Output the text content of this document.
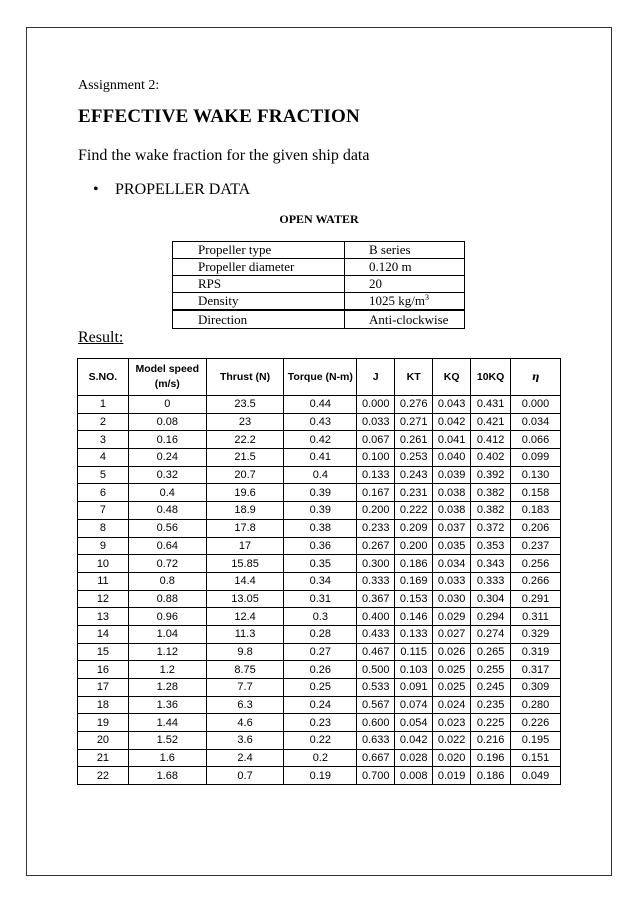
Assignment 2:
EFFECTIVE WAKE FRACTION
Find the wake fraction for the given ship data
• PROPELLER DATA
OPEN WATER
Propeller type	B series
Propeller diameter	0.120 m
RPS	20
Density	1025 $kg/m^3$
Direction	Anti-clockwise
Result:
S.NO.	Model speed (m/s)	Thrust (N)	Torque (N-m)	J	KT	KQ	10KQ	η
1	0	23.5	0.44	0.000	0.276	0.043	0.431	0.000
2	0.08	23	0.43	0.033	0.271	0.042	0.421	0.034
3	0.16	22.2	0.42	0.067	0.261	0.041	0.412	0.066
4	0.24	21.5	0.41	0.100	0.253	0.040	0.402	0.099
5	0.32	20.7	0.4	0.133	0.243	0.039	0.392	0.130
6	0.4	19.6	0.39	0.167	0.231	0.038	0.382	0.158
7	0.48	18.9	0.39	0.200	0.222	0.038	0.382	0.183
8	0.56	17.8	0.38	0.233	0.209	0.037	0.372	0.206
9	0.64	17	0.36	0.267	0.200	0.035	0.353	0.237
10	0.72	15.85	0.35	0.300	0.186	0.034	0.343	0.256
11	0.8	14.4	0.34	0.333	0.169	0.033	0.333	0.266
12	0.88	13.05	0.31	0.367	0.153	0.030	0.304	0.291
13	0.96	12.4	0.3	0.400	0.146	0.029	0.294	0.311
14	1.04	11.3	0.28	0.433	0.133	0.027	0.274	0.329
15	1.12	9.8	0.27	0.467	0.115	0.026	0.265	0.319
16	1.2	8.75	0.26	0.500	0.103	0.025	0.255	0.317
17	1.28	7.7	0.25	0.533	0.091	0.025	0.245	0.309
18	1.36	6.3	0.24	0.567	0.074	0.024	0.235	0.280
19	1.44	4.6	0.23	0.600	0.054	0.023	0.225	0.226
20	1.52	3.6	0.22	0.633	0.042	0.022	0.216	0.195
21	1.6	2.4	0.2	0.667	0.028	0.020	0.196	0.151
22	1.68	0.7	0.19	0.700	0.008	0.019	0.186	0.049
